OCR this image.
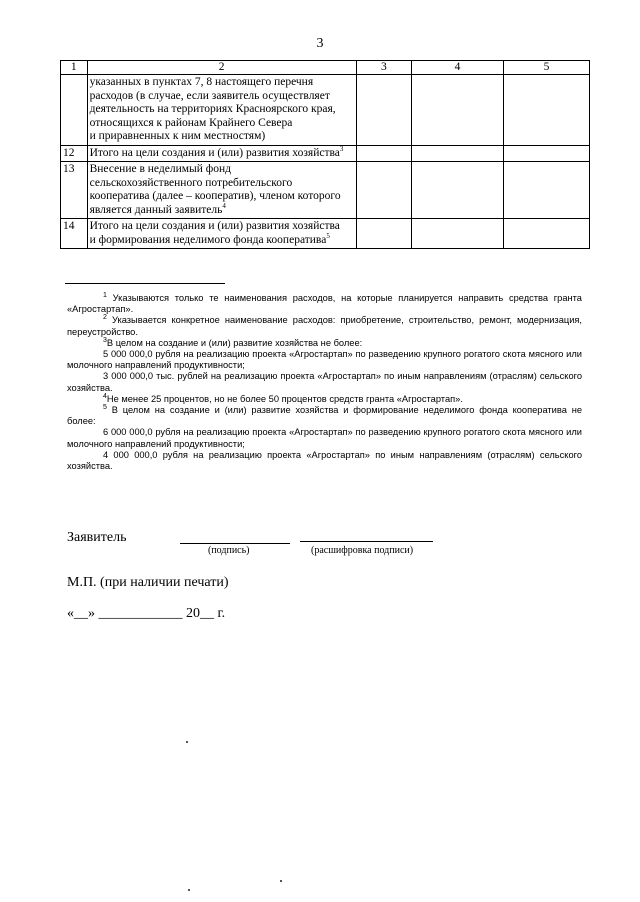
3
1	2	3	4	5
	указанных в пунктах 7, 8 настоящего перечня
расходов (в случае, если заявитель осуществляет
деятельность на территориях Красноярского края,
относящихся к районам Крайнего Севера
и приравненных к ним местностям)			
12	Итого на цели создания и (или) развития хозяйства$^3$			
13	Внесение в неделимый фонд
сельскохозяйственного потребительского
кооператива (далее – кооператив), членом которого
является данный заявитель$^4$			
14	Итого на цели создания и (или) развития хозяйства
и формирования неделимого фонда кооператива$^5$			

$^1$ Указываются только те наименования расходов, на которые планируется направить средства гранта «Агростартап».

$^2$ Указывается конкретное наименование расходов: приобретение, строительство, ремонт, модернизация, переустройство.

$^3$В целом на создание и (или) развитие хозяйства не более:

5 000 000,0 рубля на реализацию проекта «Агростартап» по разведению крупного рогатого скота мясного или молочного направлений продуктивности;

3 000 000,0 тыс. рублей на реализацию проекта «Агростартап» по иным направлениям (отраслям) сельского хозяйства.

$^4$Не менее 25 процентов, но не более 50 процентов средств гранта «Агростартап».

$^5$ В целом на создание и (или) развитие хозяйства и формирование неделимого фонда кооператива не более:

6 000 000,0 рубля на реализацию проекта «Агростартап» по разведению крупного рогатого скота мясного или молочного направлений продуктивности;

4 000 000,0 рубля на реализацию проекта «Агростартап» по иным направлениям (отраслям) сельского хозяйства.

Заявитель
(подпись)	(расшифровка подписи)
М.П. (при наличии печати)
«__» ____________ 20__ г.
